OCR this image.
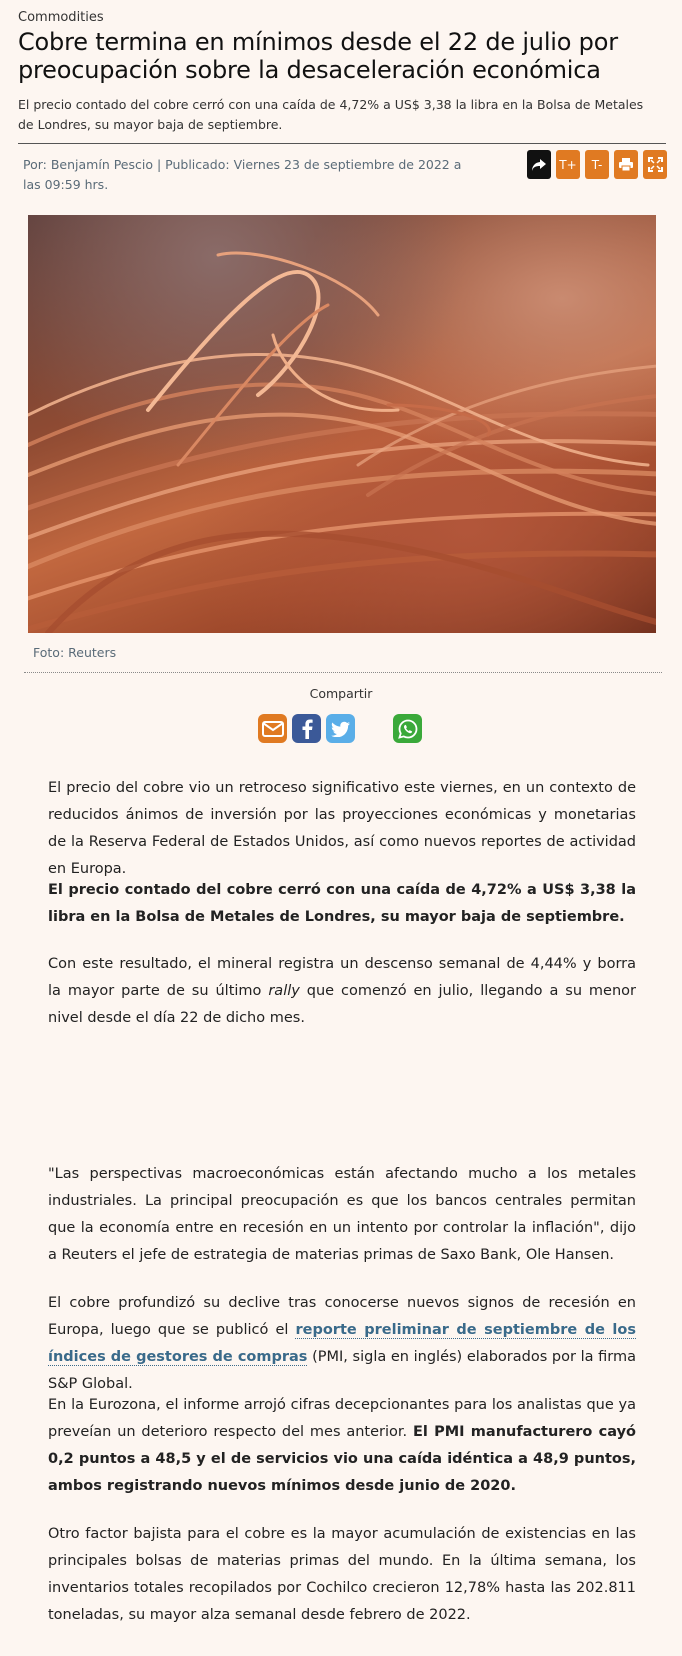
Commodities
Cobre termina en mínimos desde el 22 de julio por preocupación sobre la desaceleración económica

El precio contado del cobre cerró con una caída de 4,72% a US$ 3,38 la libra en la Bolsa de Metales de Londres, su mayor baja de septiembre.

Por: Benjamín Pescio | Publicado: Viernes 23 de septiembre de 2022 a las 09:59 hrs.
T+	T-
Foto: Reuters
Compartir

El precio del cobre vio un retroceso significativo este viernes, en un contexto de reducidos ánimos de inversión por las proyecciones económicas y monetarias de la Reserva Federal de Estados Unidos, así como nuevos reportes de actividad en Europa.

El precio contado del cobre cerró con una caída de 4,72% a US$ 3,38 la libra en la Bolsa de Metales de Londres, su mayor baja de septiembre.

Con este resultado, el mineral registra un descenso semanal de 4,44% y borra la mayor parte de su último rally que comenzó en julio, llegando a su menor nivel desde el día 22 de dicho mes.

"Las perspectivas macroeconómicas están afectando mucho a los metales industriales. La principal preocupación es que los bancos centrales permitan que la economía entre en recesión en un intento por controlar la inflación", dijo a Reuters el jefe de estrategia de materias primas de Saxo Bank, Ole Hansen.

El cobre profundizó su declive tras conocerse nuevos signos de recesión en Europa, luego que se publicó el reporte preliminar de septiembre de los índices de gestores de compras (PMI, sigla en inglés) elaborados por la firma S&P Global.

En la Eurozona, el informe arrojó cifras decepcionantes para los analistas que ya preveían un deterioro respecto del mes anterior. El PMI manufacturero cayó 0,2 puntos a 48,5 y el de servicios vio una caída idéntica a 48,9 puntos, ambos registrando nuevos mínimos desde junio de 2020.

Otro factor bajista para el cobre es la mayor acumulación de existencias en las principales bolsas de materias primas del mundo. En la última semana, los inventarios totales recopilados por Cochilco crecieron 12,78% hasta las 202.811 toneladas, su mayor alza semanal desde febrero de 2022.
